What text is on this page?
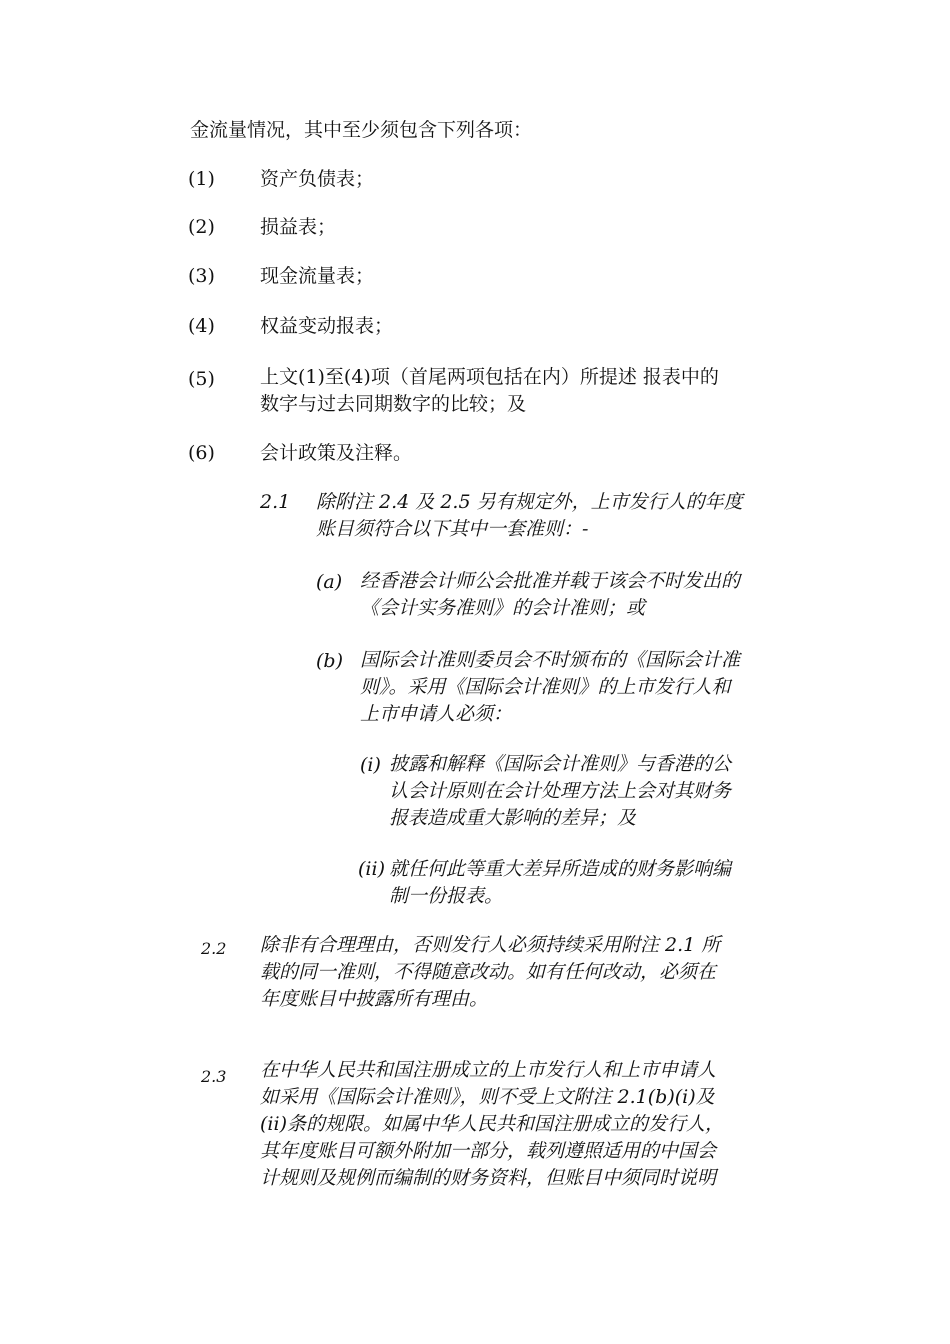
金流量情况，其中至少须包含下列各项：
(1) 资产负债表；
(2) 损益表；
(3) 现金流量表；
(4) 权益变动报表；
(5) 上文(1)至(4)项（首尾两项包括在内）所提述 报表中的
数字与过去同期数字的比较；及
(6) 会计政策及注释。
2.1 除附注 2.4 及 2.5 另有规定外，上市发行人的年度
账目须符合以下其中一套准则：-
(a) 经香港会计师公会批准并载于该会不时发出的
《会计实务准则》的会计准则；或
(b) 国际会计准则委员会不时颁布的《国际会计准
则》。采用《国际会计准则》的上市发行人和
上市申请人必须：
(i) 披露和解释《国际会计准则》与香港的公
认会计原则在会计处理方法上会对其财务
报表造成重大影响的差异；及
(ii) 就任何此等重大差异所造成的财务影响编
制一份报表。
2.2 除非有合理理由，否则发行人必须持续采用附注 2.1 所
载的同一准则，不得随意改动。如有任何改动，必须在
年度账目中披露所有理由。
2.3 在中华人民共和国注册成立的上市发行人和上市申请人
如采用《国际会计准则》，则不受上文附注 2.1(b)(i)及
(ii)条的规限。如属中华人民共和国注册成立的发行人，
其年度账目可额外附加一部分，载列遵照适用的中国会
计规则及规例而编制的财务资料，但账目中须同时说明
